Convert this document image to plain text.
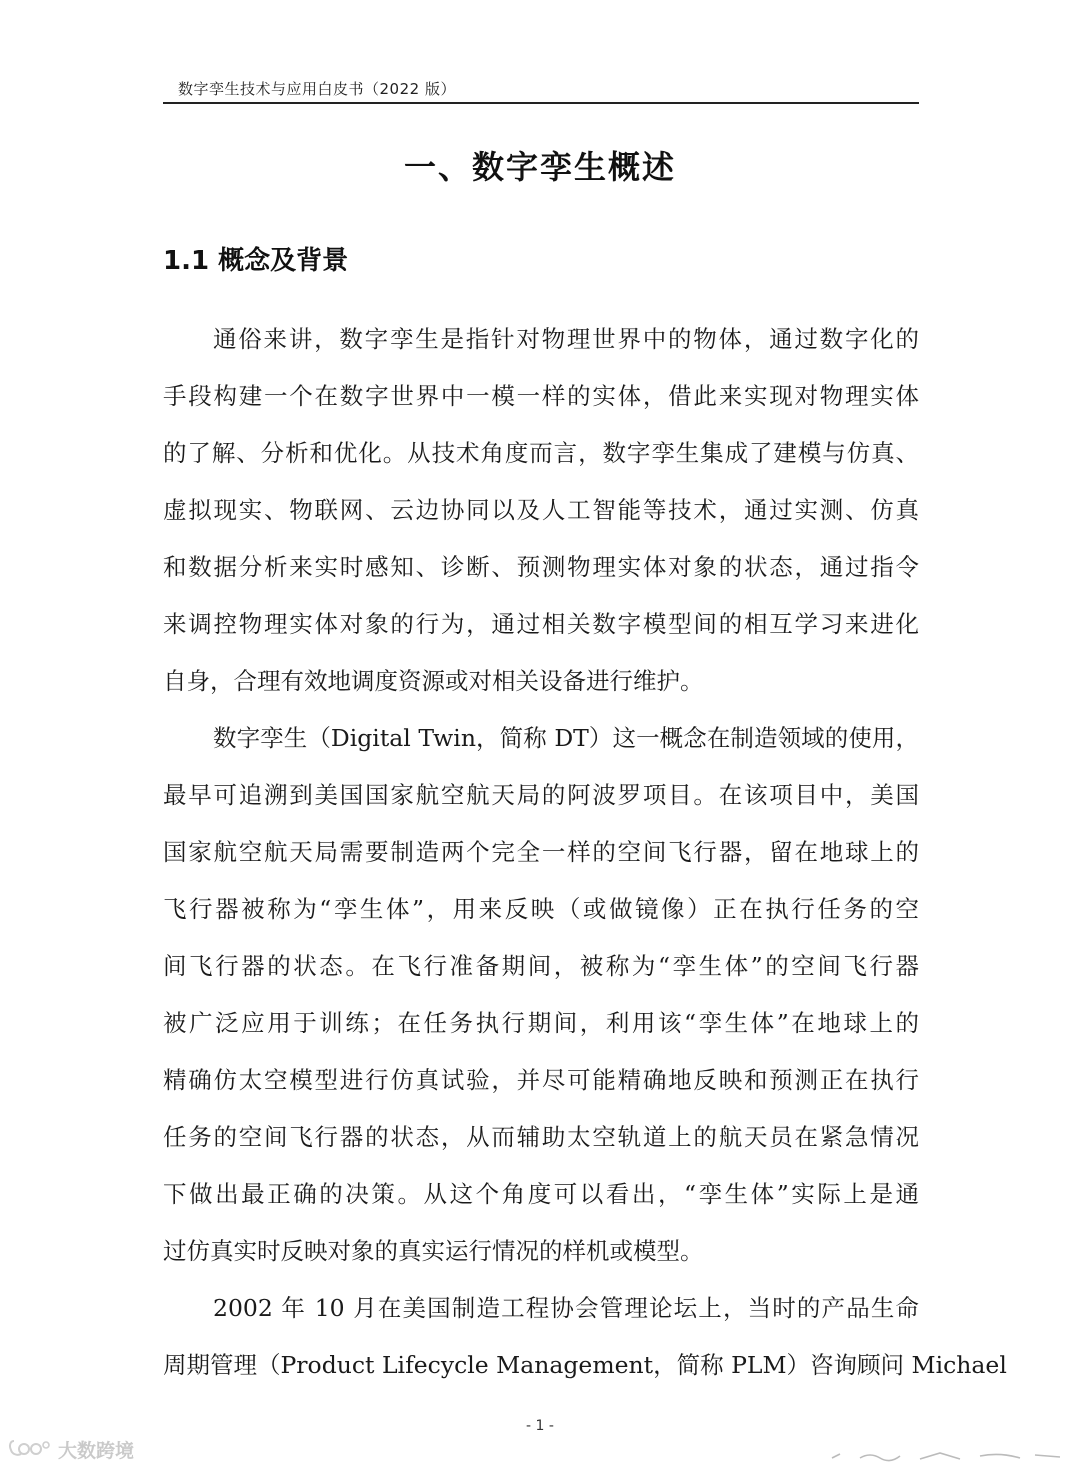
数字孪生技术与应用白皮书（2022 版）
一、数字孪生概述
1.1 概念及背景
通俗来讲，数字孪生是指针对物理世界中的物体，通过数字化的
手段构建一个在数字世界中一模一样的实体，借此来实现对物理实体
的了解、分析和优化。从技术角度而言，数字孪生集成了建模与仿真、
虚拟现实、物联网、云边协同以及人工智能等技术，通过实测、仿真
和数据分析来实时感知、诊断、预测物理实体对象的状态，通过指令
来调控物理实体对象的行为，通过相关数字模型间的相互学习来进化
自身，合理有效地调度资源或对相关设备进行维护。
数字孪生（Digital Twin，简称 DT）这一概念在制造领域的使用，
最早可追溯到美国国家航空航天局的阿波罗项目。在该项目中，美国
国家航空航天局需要制造两个完全一样的空间飞行器，留在地球上的
飞行器被称为“孪生体”，用来反映（或做镜像）正在执行任务的空
间飞行器的状态。在飞行准备期间，被称为“孪生体”的空间飞行器
被广泛应用于训练；在任务执行期间，利用该“孪生体”在地球上的
精确仿太空模型进行仿真试验，并尽可能精确地反映和预测正在执行
任务的空间飞行器的状态，从而辅助太空轨道上的航天员在紧急情况
下做出最正确的决策。从这个角度可以看出，“孪生体”实际上是通
过仿真实时反映对象的真实运行情况的样机或模型。
2002 年 10 月在美国制造工程协会管理论坛上，当时的产品生命
周期管理（Product Lifecycle Management，简称 PLM）咨询顾问 Michael
- 1 -
大数跨境
